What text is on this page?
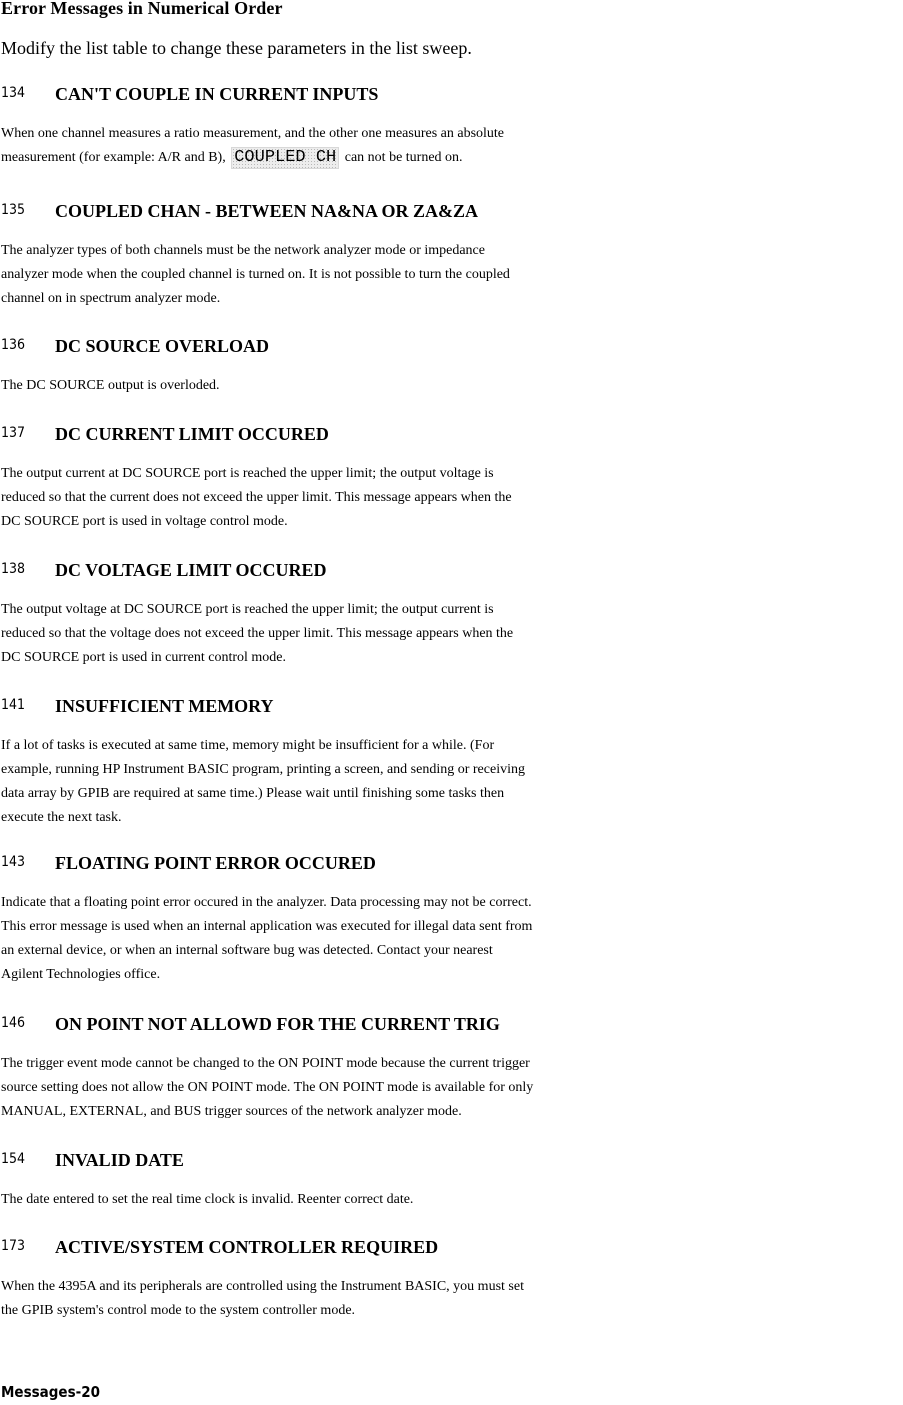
Error Messages in Numerical Order
Modify the list table to change these parameters in the list sweep.
134 CAN'T COUPLE IN CURRENT INPUTS
When one channel measures a ratio measurement, and the other one measures an absolute
measurement (for example: A/R and B), COUPLED CH can not be turned on.
135 COUPLED CHAN - BETWEEN NA&NA OR ZA&ZA
The analyzer types of both channels must be the network analyzer mode or impedance
analyzer mode when the coupled channel is turned on. It is not possible to turn the coupled
channel on in spectrum analyzer mode.
136 DC SOURCE OVERLOAD
The DC SOURCE output is overloded.
137 DC CURRENT LIMIT OCCURED
The output current at DC SOURCE port is reached the upper limit; the output voltage is
reduced so that the current does not exceed the upper limit. This message appears when the
DC SOURCE port is used in voltage control mode.
138 DC VOLTAGE LIMIT OCCURED
The output voltage at DC SOURCE port is reached the upper limit; the output current is
reduced so that the voltage does not exceed the upper limit. This message appears when the
DC SOURCE port is used in current control mode.
141 INSUFFICIENT MEMORY
If a lot of tasks is executed at same time, memory might be insufficient for a while. (For
example, running HP Instrument BASIC program, printing a screen, and sending or receiving
data array by GPIB are required at same time.) Please wait until finishing some tasks then
execute the next task.
143 FLOATING POINT ERROR OCCURED
Indicate that a floating point error occured in the analyzer. Data processing may not be correct.
This error message is used when an internal application was executed for illegal data sent from
an external device, or when an internal software bug was detected. Contact your nearest
Agilent Technologies office.
146 ON POINT NOT ALLOWD FOR THE CURRENT TRIG
The trigger event mode cannot be changed to the ON POINT mode because the current trigger
source setting does not allow the ON POINT mode. The ON POINT mode is available for only
MANUAL, EXTERNAL, and BUS trigger sources of the network analyzer mode.
154 INVALID DATE
The date entered to set the real time clock is invalid. Reenter correct date.
173 ACTIVE/SYSTEM CONTROLLER REQUIRED
When the 4395A and its peripherals are controlled using the Instrument BASIC, you must set
the GPIB system's control mode to the system controller mode.
Messages-20
